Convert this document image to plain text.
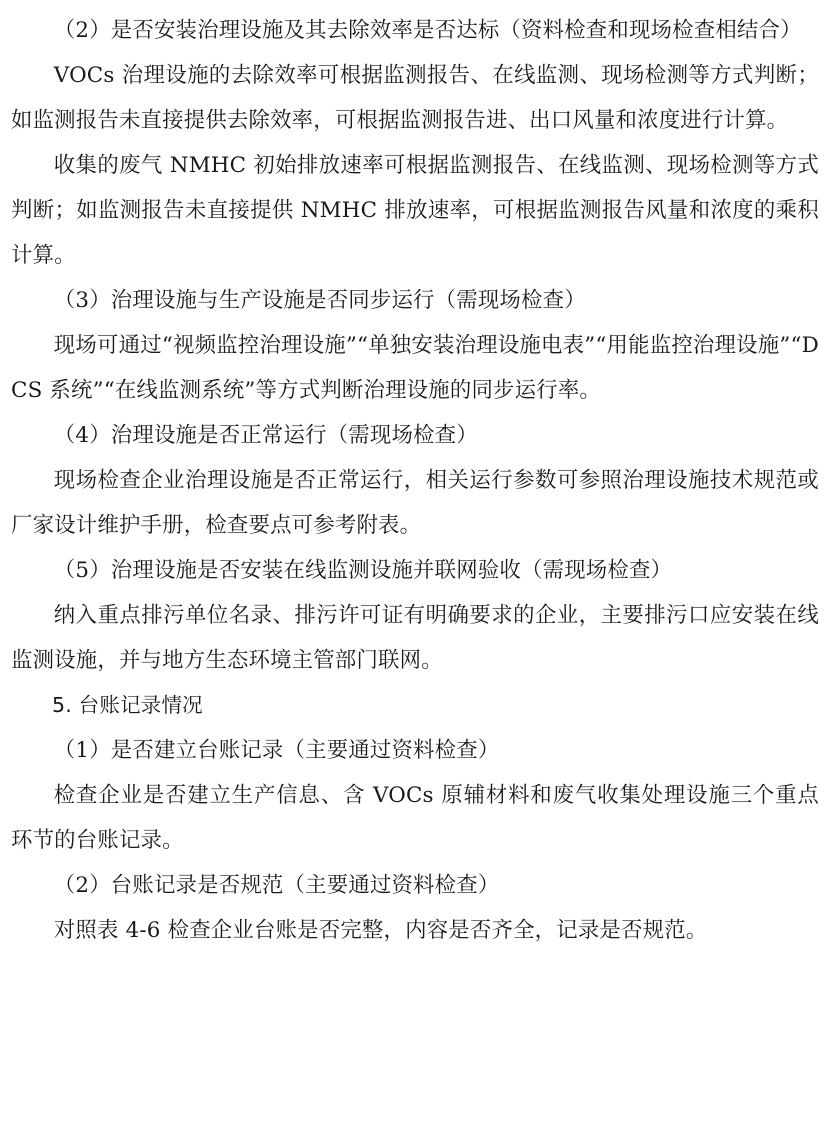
（2）是否安装治理设施及其去除效率是否达标（资料检查和现场检查相结合）

VOCs 治理设施的去除效率可根据监测报告、在线监测、现场检测等方式判断；如监测报告未直接提供去除效率，可根据监测报告进、出口风量和浓度进行计算。

收集的废气 NMHC 初始排放速率可根据监测报告、在线监测、现场检测等方式判断；如监测报告未直接提供 NMHC 排放速率，可根据监测报告风量和浓度的乘积计算。

（3）治理设施与生产设施是否同步运行（需现场检查）

现场可通过“视频监控治理设施”“单独安装治理设施电表”“用能监控治理设施”“DCS 系统”“在线监测系统”等方式判断治理设施的同步运行率。

（4）治理设施是否正常运行（需现场检查）

现场检查企业治理设施是否正常运行，相关运行参数可参照治理设施技术规范或厂家设计维护手册，检查要点可参考附表。

（5）治理设施是否安装在线监测设施并联网验收（需现场检查）

纳入重点排污单位名录、排污许可证有明确要求的企业，主要排污口应安装在线监测设施，并与地方生态环境主管部门联网。

5. 台账记录情况

（1）是否建立台账记录（主要通过资料检查）

检查企业是否建立生产信息、含 VOCs 原辅材料和废气收集处理设施三个重点环节的台账记录。

（2）台账记录是否规范（主要通过资料检查）

对照表 4-6 检查企业台账是否完整，内容是否齐全，记录是否规范。
